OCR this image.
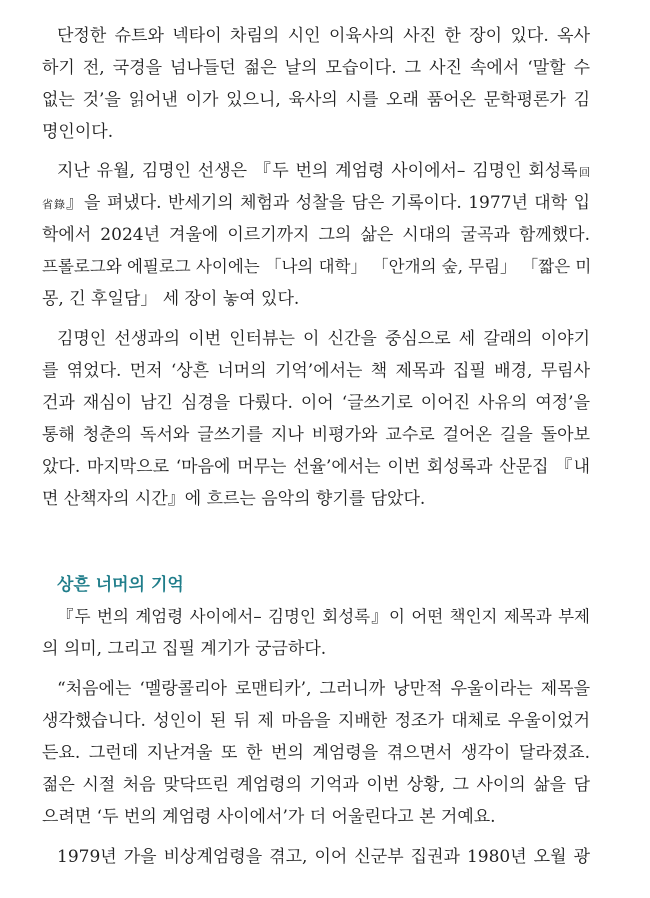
단정한 슈트와 넥타이 차림의 시인 이육사의 사진 한 장이 있다. 옥사
하기 전, 국경을 넘나들던 젊은 날의 모습이다. 그 사진 속에서 ‘말할 수
없는 것’을 읽어낸 이가 있으니, 육사의 시를 오래 품어온 문학평론가 김
명인이다.
지난 유월, 김명인 선생은 『두 번의 계엄령 사이에서– 김명인 회성록回
省錄』을 펴냈다. 반세기의 체험과 성찰을 담은 기록이다. 1977년 대학 입
학에서 2024년 겨울에 이르기까지 그의 삶은 시대의 굴곡과 함께했다.
프롤로그와 에필로그 사이에는 「나의 대학」 「안개의 숲, 무림」 「짧은 미
몽, 긴 후일담」 세 장이 놓여 있다.
김명인 선생과의 이번 인터뷰는 이 신간을 중심으로 세 갈래의 이야기
를 엮었다. 먼저 ‘상흔 너머의 기억’에서는 책 제목과 집필 배경, 무림사
건과 재심이 남긴 심경을 다뤘다. 이어 ‘글쓰기로 이어진 사유의 여정’을
통해 청춘의 독서와 글쓰기를 지나 비평가와 교수로 걸어온 길을 돌아보
았다. 마지막으로 ‘마음에 머무는 선율’에서는 이번 회성록과 산문집 『내
면 산책자의 시간』에 흐르는 음악의 향기를 담았다.
상흔 너머의 기억
『두 번의 계엄령 사이에서– 김명인 회성록』이 어떤 책인지 제목과 부제
의 의미, 그리고 집필 계기가 궁금하다.
“처음에는 ‘멜랑콜리아 로맨티카’, 그러니까 낭만적 우울이라는 제목을
생각했습니다. 성인이 된 뒤 제 마음을 지배한 정조가 대체로 우울이었거
든요. 그런데 지난겨울 또 한 번의 계엄령을 겪으면서 생각이 달라졌죠.
젊은 시절 처음 맞닥뜨린 계엄령의 기억과 이번 상황, 그 사이의 삶을 담
으려면 ‘두 번의 계엄령 사이에서’가 더 어울린다고 본 거예요.
1979년 가을 비상계엄령을 겪고, 이어 신군부 집권과 1980년 오월 광
